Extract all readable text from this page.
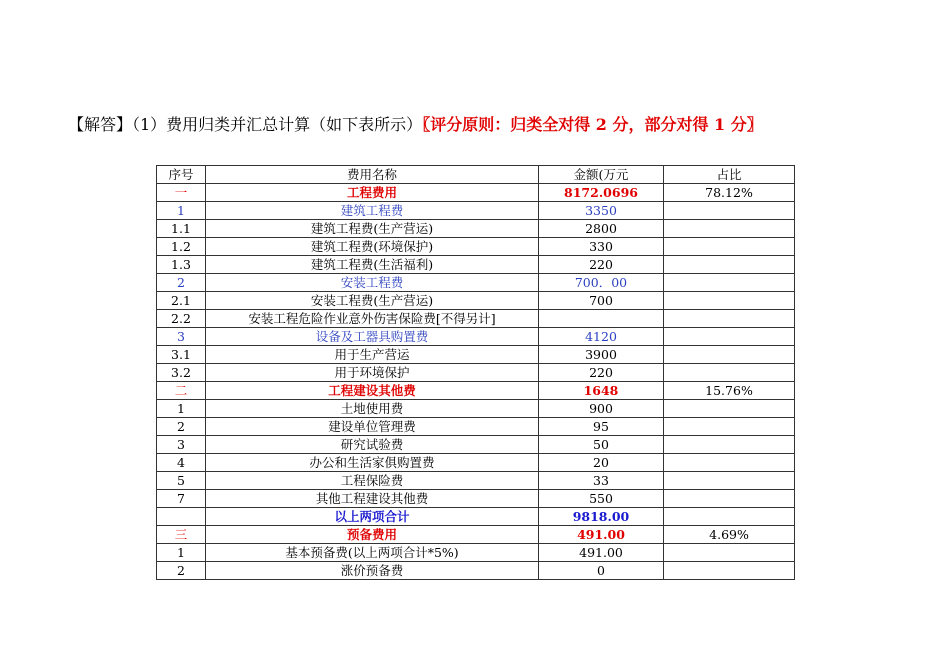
【解答】（1）费用归类并汇总计算（如下表所示）〖评分原则：归类全对得 2 分，部分对得 1 分〗
序号	费用名称	金额(万元	占比
一	工程费用	8172.0696	78.12%
1	建筑工程费	3350	
1.1	建筑工程费(生产营运)	2800	
1.2	建筑工程费(环境保护)	330	
1.3	建筑工程费(生活福利)	220	
2	安装工程费	700．00	
2.1	安装工程费(生产营运)	700	
2.2	安装工程危险作业意外伤害保险费[不得另计]		
3	设备及工器具购置费	4120	
3.1	用于生产营运	3900	
3.2	用于环境保护	220	
二	工程建设其他费	1648	15.76%
1	土地使用费	900	
2	建设单位管理费	95	
3	研究试验费	50	
4	办公和生活家俱购置费	20	
5	工程保险费	33	
7	其他工程建设其他费	550	
	以上两项合计	9818.00	
三	预备费用	491.00	4.69%
1	基本预备费(以上两项合计*5%)	491.00	
2	涨价预备费	0	
